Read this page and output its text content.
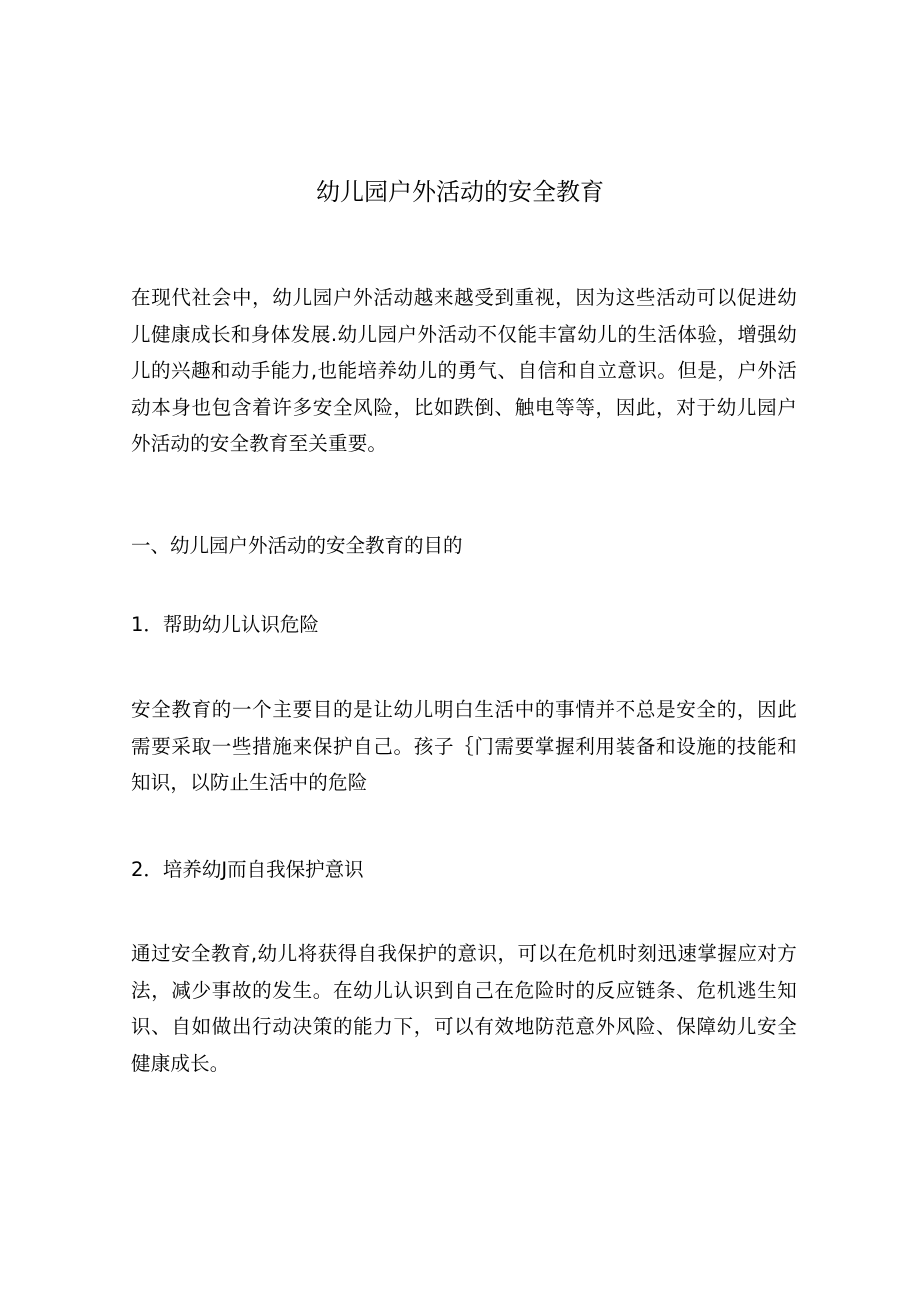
幼儿园户外活动的安全教育

在现代社会中，幼儿园户外活动越来越受到重视，因为这些活动可以促进幼儿健康成长和身体发展.幼儿园户外活动不仅能丰富幼儿的生活体验，增强幼儿的兴趣和动手能力,也能培养幼儿的勇气、自信和自立意识。但是，户外活动本身也包含着许多安全风险，比如跌倒、触电等等，因此，对于幼儿园户外活动的安全教育至关重要。

一、幼儿园户外活动的安全教育的目的
1．帮助幼儿认识危险

安全教育的一个主要目的是让幼儿明白生活中的事情并不总是安全的，因此需要采取一些措施来保护自己。孩子｛门需要掌握利用装备和设施的技能和知识，以防止生活中的危险

2．培养幼J而自我保护意识

通过安全教育,幼儿将获得自我保护的意识，可以在危机时刻迅速掌握应对方法，减少事故的发生。在幼儿认识到自己在危险时的反应链条、危机逃生知识、自如做出行动决策的能力下，可以有效地防范意外风险、保障幼儿安全健康成长。
